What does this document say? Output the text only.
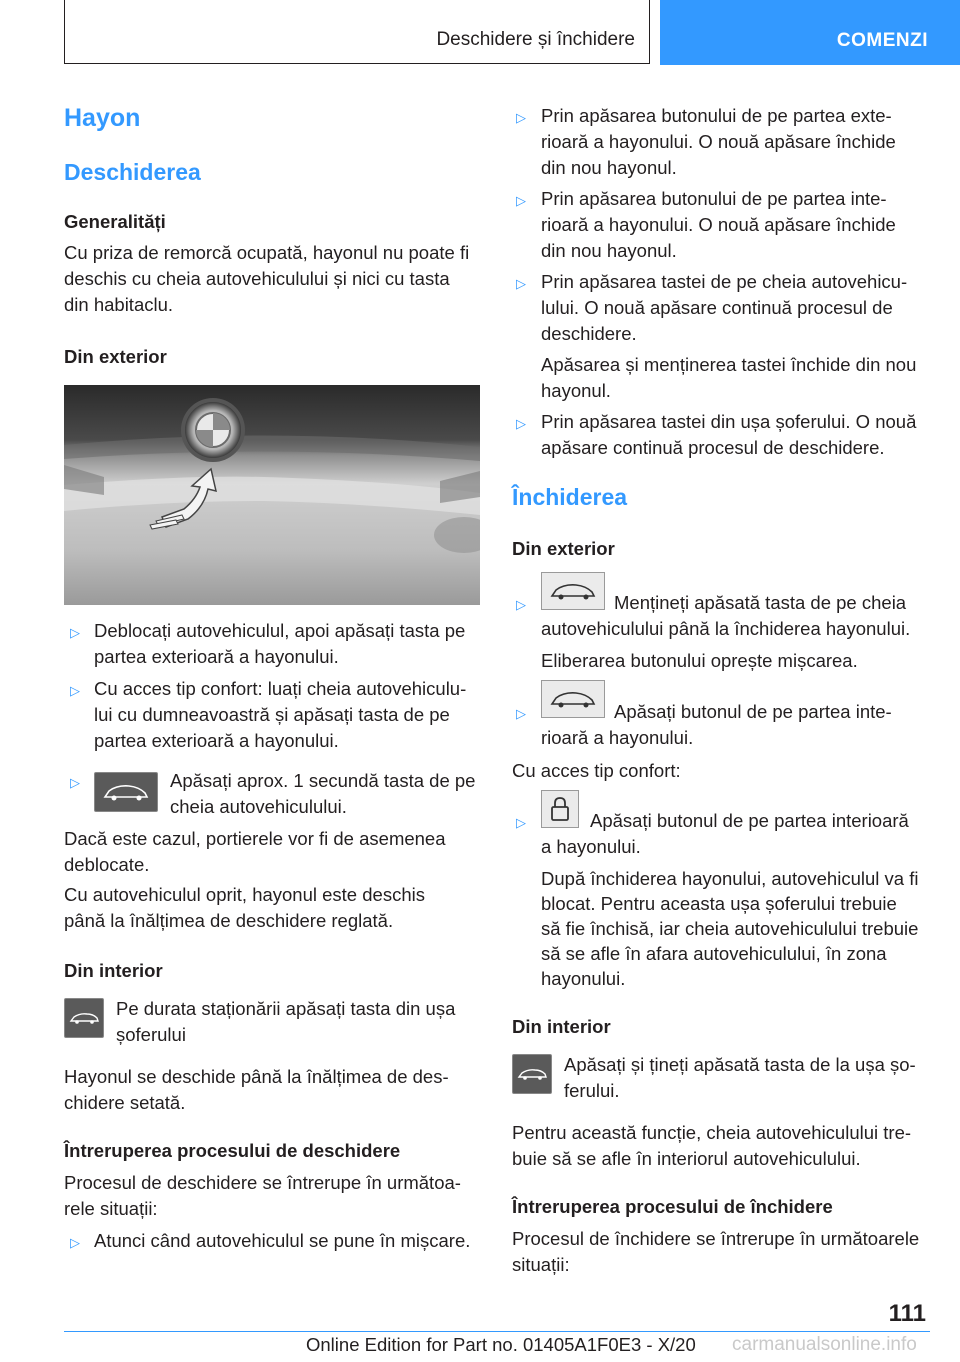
Deschidere și închidere	COMENZI
Hayon
Deschiderea
Generalități
Cu priza de remorcă ocupată, hayonul nu poate fi
deschis cu cheia autovehiculului și nici cu tasta
din habitaclu.
Din exterior
▷ Deblocați autovehiculul, apoi apăsați tasta pe
partea exterioară a hayonului.
▷ Cu acces tip confort: luați cheia autovehiculu‐
lui cu dumneavoastră și apăsați tasta de pe
partea exterioară a hayonului.
▷	Apăsați aprox. 1 secundă tasta de pe
cheia autovehiculului.
Dacă este cazul, portierele vor fi de asemenea
deblocate.
Cu autovehiculul oprit, hayonul este deschis
până la înălțimea de deschidere reglată.
Din interior
Pe durata staționării apăsați tasta din ușa
șoferului
Hayonul se deschide până la înălțimea de des‐
chidere setată.
Întreruperea procesului de deschidere
Procesul de deschidere se întrerupe în următoa‐
rele situații:
▷ Atunci când autovehiculul se pune în mișcare.
▷ Prin apăsarea butonului de pe partea exte‐
rioară a hayonului. O nouă apăsare închide
din nou hayonul.
▷ Prin apăsarea butonului de pe partea inte‐
rioară a hayonului. O nouă apăsare închide
din nou hayonul.
▷ Prin apăsarea tastei de pe cheia autovehicu‐
lului. O nouă apăsare continuă procesul de
deschidere.
Apăsarea și menținerea tastei închide din nou
hayonul.
▷ Prin apăsarea tastei din ușa șoferului. O nouă
apăsare continuă procesul de deschidere.
Închiderea
Din exterior
▷	Mențineți apăsată tasta de pe cheia
autovehiculului până la închiderea hayonului.
Eliberarea butonului oprește mișcarea.
▷	Apăsați butonul de pe partea inte‐
rioară a hayonului.
Cu acces tip confort:
▷	Apăsați butonul de pe partea interioară
a hayonului.
După închiderea hayonului, autovehiculul va fi
blocat. Pentru aceasta ușa șoferului trebuie
să fie închisă, iar cheia autovehiculului trebuie
să se afle în afara autovehiculului, în zona
hayonului.
Din interior
Apăsați și țineți apăsată tasta de la ușa șo‐
ferului.
Pentru această funcție, cheia autovehiculului tre‐
buie să se afle în interiorul autovehiculului.
Întreruperea procesului de închidere
Procesul de închidere se întrerupe în următoarele
situații:
111
Online Edition for Part no. 01405A1F0E3 - X/20 carmanualsonline.info
